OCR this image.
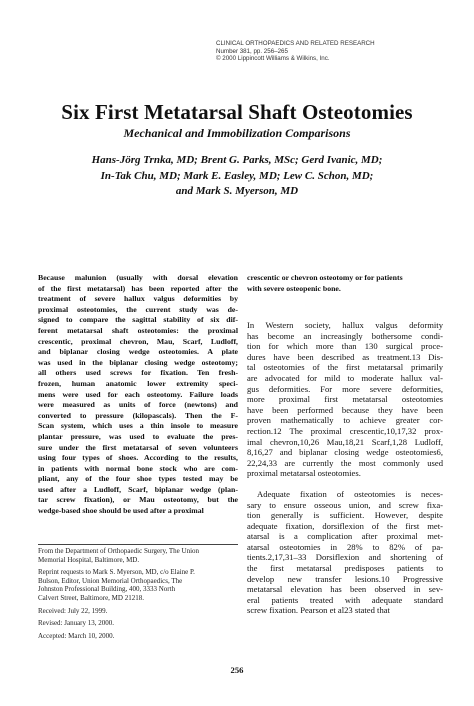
CLINICAL ORTHOPAEDICS AND RELATED RESEARCH
Number 381, pp. 256–265
© 2000 Lippincott Williams & Wilkins, Inc.
Six First Metatarsal Shaft Osteotomies
Mechanical and Immobilization Comparisons
Hans-Jörg Trnka, MD; Brent G. Parks, MSc; Gerd Ivanic, MD;
In-Tak Chu, MD; Mark E. Easley, MD; Lew C. Schon, MD;
and Mark S. Myerson, MD
Because malunion (usually with dorsal elevation
of the first metatarsal) has been reported after the
treatment of severe hallux valgus deformities by
proximal osteotomies, the current study was de-
signed to compare the sagittal stability of six dif-
ferent metatarsal shaft osteotomies: the proximal
crescentic, proximal chevron, Mau, Scarf, Ludloff,
and biplanar closing wedge osteotomies. A plate
was used in the biplanar closing wedge osteotomy;
all others used screws for fixation. Ten fresh-
frozen, human anatomic lower extremity speci-
mens were used for each osteotomy. Failure loads
were measured as units of force (newtons) and
converted to pressure (kilopascals). Then the F-
Scan system, which uses a thin insole to measure
plantar pressure, was used to evaluate the pres-
sure under the first metatarsal of seven volunteers
using four types of shoes. According to the results,
in patients with normal bone stock who are com-
pliant, any of the four shoe types tested may be
used after a Ludloff, Scarf, biplanar wedge (plan-
tar screw fixation), or Mau osteotomy, but the
wedge-based shoe should be used after a proximal
crescentic or chevron osteotomy or for patients
with severe osteopenic bone.
In Western society, hallux valgus deformity
has become an increasingly bothersome condi-
tion for which more than 130 surgical proce-
dures have been described as treatment.13 Dis-
tal osteotomies of the first metatarsal primarily
are advocated for mild to moderate hallux val-
gus deformities. For more severe deformities,
more proximal first metatarsal osteotomies
have been performed because they have been
proven mathematically to achieve greater cor-
rection.12 The proximal crescentic,10,17,32 prox-
imal chevron,10,26 Mau,18,21 Scarf,1,28 Ludloff,
8,16,27 and biplanar closing wedge osteotomies6,
22,24,33 are currently the most commonly used
proximal metatarsal osteotomies.
Adequate fixation of osteotomies is neces-
sary to ensure osseous union, and screw fixa-
tion generally is sufficient. However, despite
adequate fixation, dorsiflexion of the first met-
atarsal is a complication after proximal met-
atarsal osteotomies in 28% to 82% of pa-
tients.2,17,31–33 Dorsiflexion and shortening of
the first metatarsal predisposes patients to
develop new transfer lesions.10 Progressive
metatarsal elevation has been observed in sev-
eral patients treated with adequate standard
screw fixation. Pearson et al23 stated that
From the Department of Orthopaedic Surgery, The Union
Memorial Hospital, Baltimore, MD.
Reprint requests to Mark S. Myerson, MD, c/o Elaine P.
Bulson, Editor, Union Memorial Orthopaedics, The
Johnston Professional Building, 400, 3333 North
Calvert Street, Baltimore, MD 21218.
Received: July 22, 1999.
Revised: January 13, 2000.
Accepted: March 10, 2000.
256
